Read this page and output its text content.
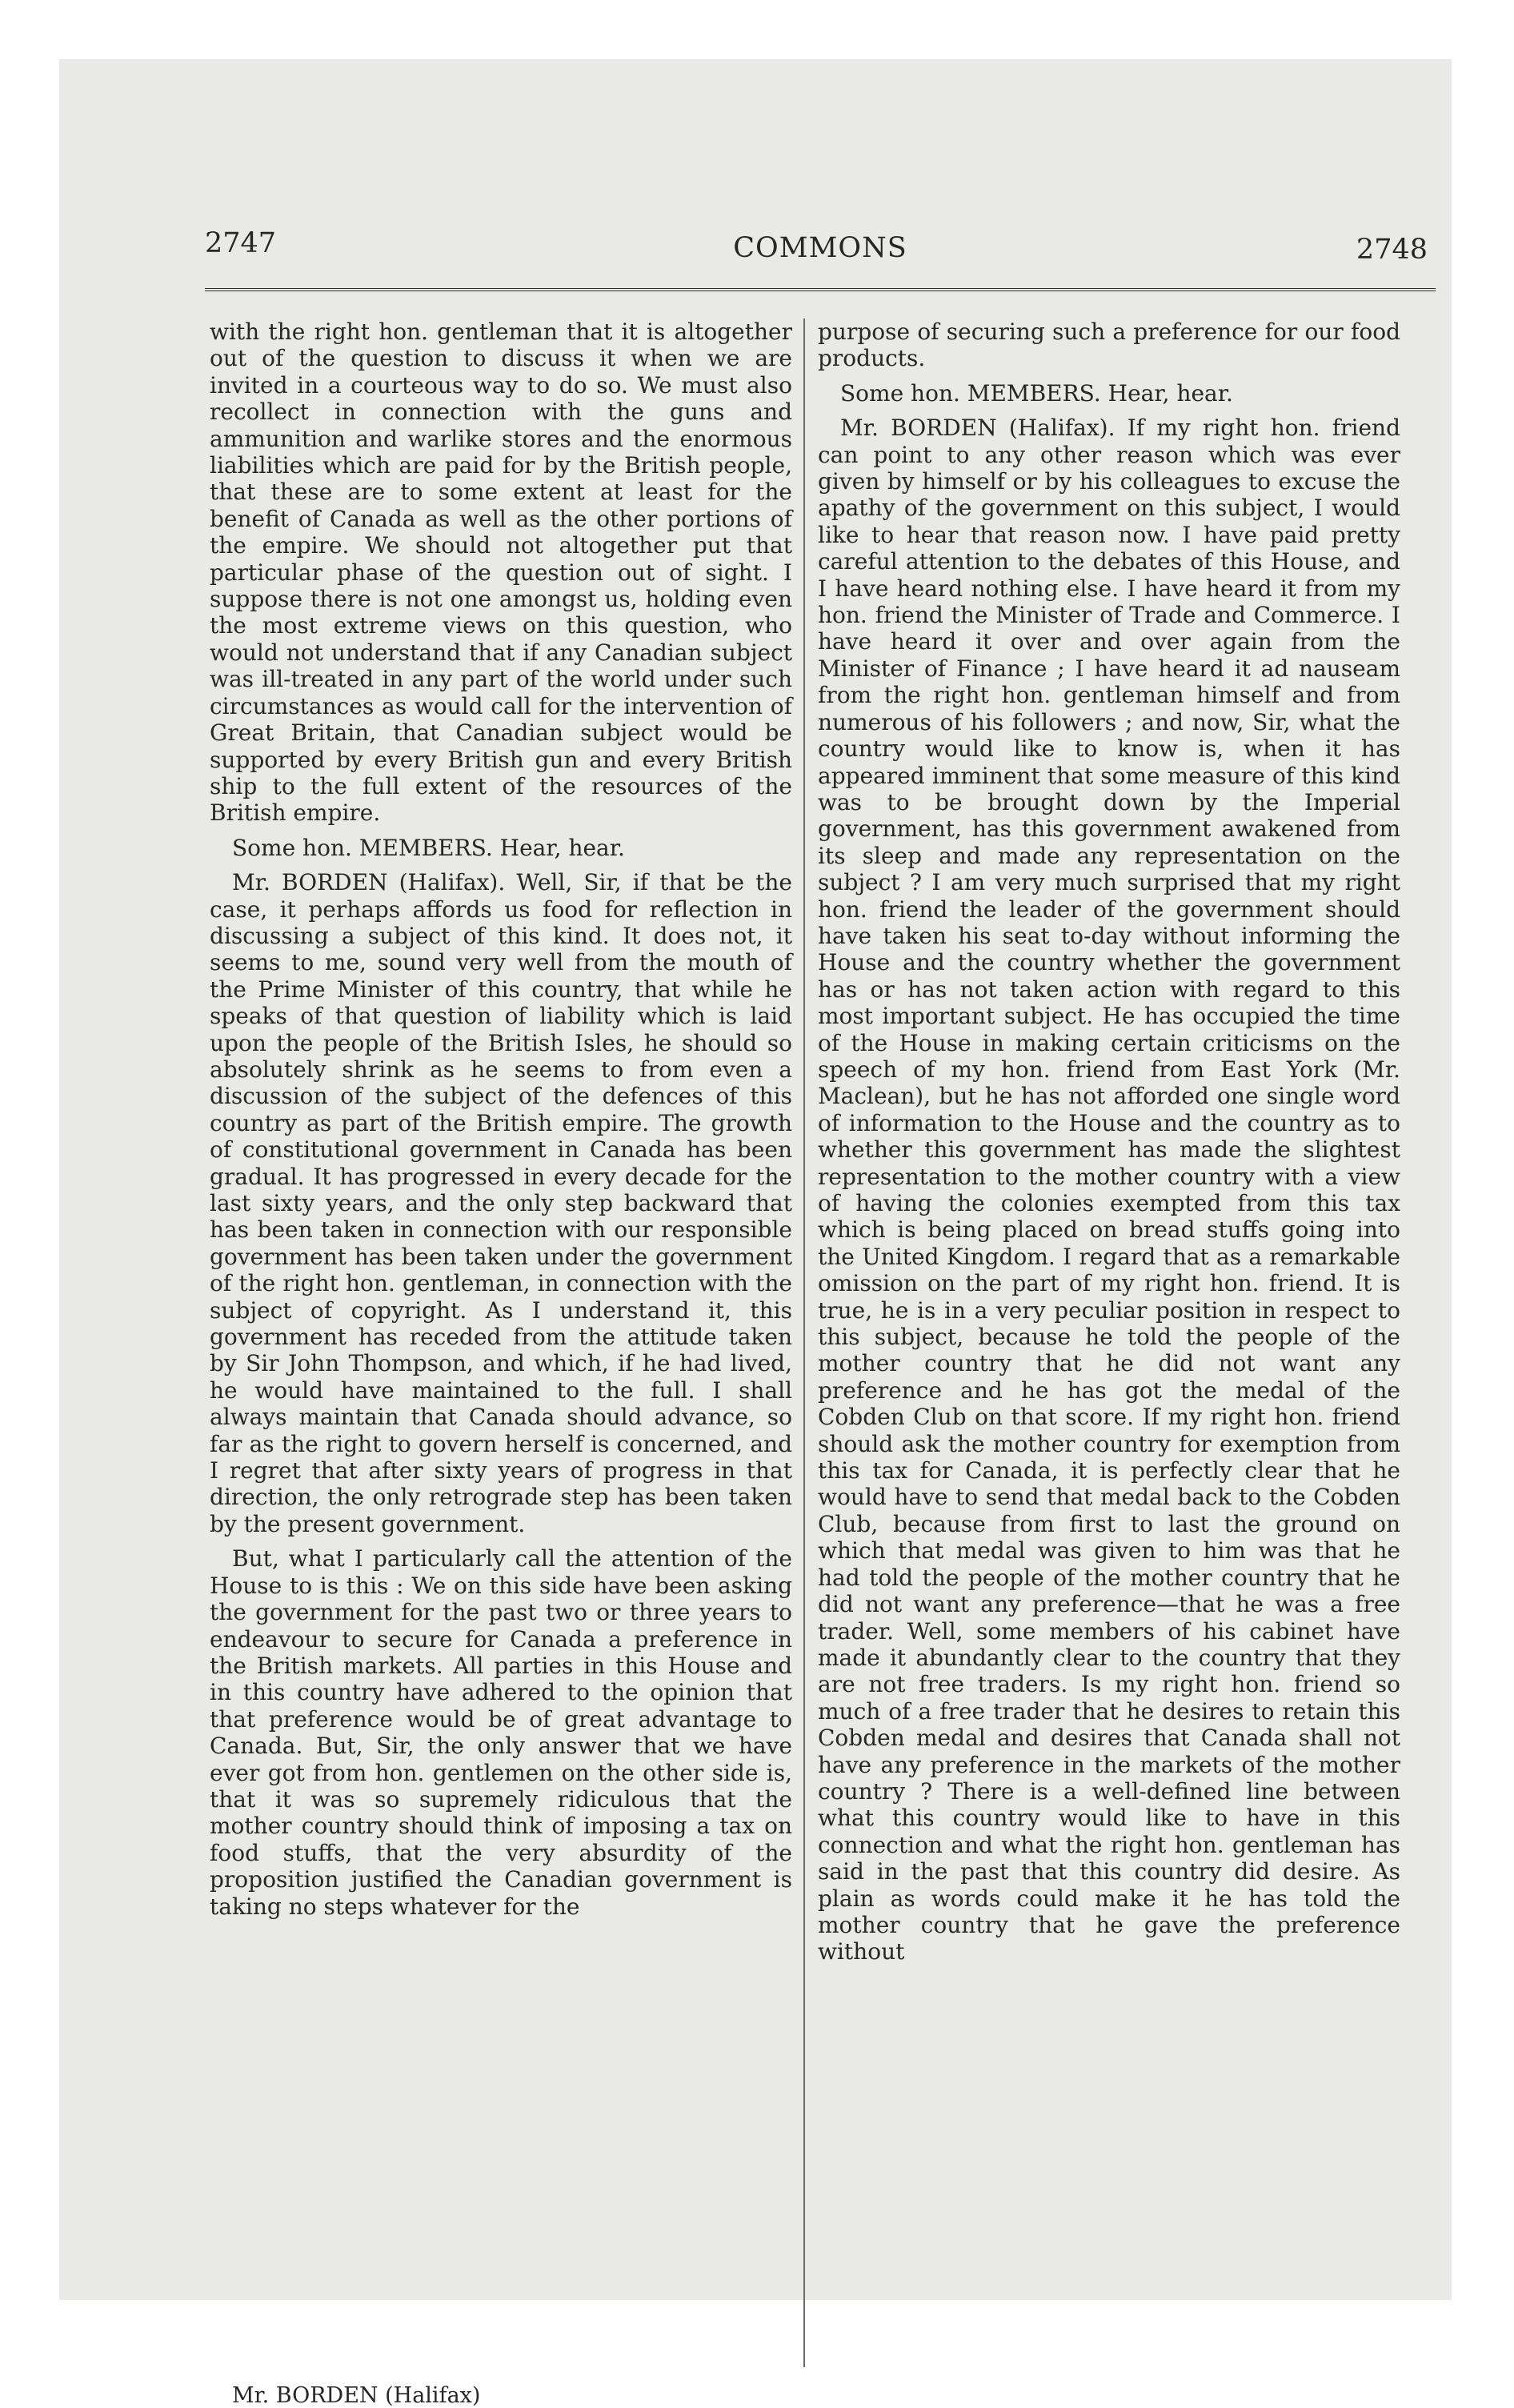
2747	COMMONS	2748

with the right hon. gentleman that it is altogether out of the question to discuss it when we are invited in a courteous way to do so. We must also recollect in connection with the guns and ammunition and warlike stores and the enormous liabilities which are paid for by the British people, that these are to some extent at least for the benefit of Canada as well as the other portions of the empire. We should not altogether put that particular phase of the question out of sight. I suppose there is not one amongst us, holding even the most extreme views on this question, who would not understand that if any Canadian subject was ill-treated in any part of the world under such circumstances as would call for the intervention of Great Britain, that Canadian subject would be supported by every British gun and every British ship to the full extent of the resources of the British empire.

Some hon. MEMBERS. Hear, hear.

Mr. BORDEN (Halifax). Well, Sir, if that be the case, it perhaps affords us food for reflection in discussing a subject of this kind. It does not, it seems to me, sound very well from the mouth of the Prime Minister of this country, that while he speaks of that question of liability which is laid upon the people of the British Isles, he should so absolutely shrink as he seems to from even a discussion of the subject of the defences of this country as part of the British empire. The growth of constitutional government in Canada has been gradual. It has progressed in every decade for the last sixty years, and the only step backward that has been taken in connection with our responsible government has been taken under the government of the right hon. gentleman, in connection with the subject of copyright. As I understand it, this government has receded from the attitude taken by Sir John Thompson, and which, if he had lived, he would have maintained to the full. I shall always maintain that Canada should advance, so far as the right to govern herself is concerned, and I regret that after sixty years of progress in that direction, the only retrograde step has been taken by the present government.

But, what I particularly call the attention of the House to is this : We on this side have been asking the government for the past two or three years to endeavour to secure for Canada a preference in the British markets. All parties in this House and in this country have adhered to the opinion that that preference would be of great advantage to Canada. But, Sir, the only answer that we have ever got from hon. gentlemen on the other side is, that it was so supremely ridiculous that the mother country should think of imposing a tax on food stuffs, that the very absurdity of the proposition justified the Canadian government is taking no steps whatever for the

purpose of securing such a preference for our food products.

Some hon. MEMBERS. Hear, hear.

Mr. BORDEN (Halifax). If my right hon. friend can point to any other reason which was ever given by himself or by his colleagues to excuse the apathy of the government on this subject, I would like to hear that reason now. I have paid pretty careful attention to the debates of this House, and I have heard nothing else. I have heard it from my hon. friend the Minister of Trade and Commerce. I have heard it over and over again from the Minister of Finance ; I have heard it ad nauseam from the right hon. gentleman himself and from numerous of his followers ; and now, Sir, what the country would like to know is, when it has appeared imminent that some measure of this kind was to be brought down by the Imperial government, has this government awakened from its sleep and made any representation on the subject ? I am very much surprised that my right hon. friend the leader of the government should have taken his seat to-day without informing the House and the country whether the government has or has not taken action with regard to this most important subject. He has occupied the time of the House in making certain criticisms on the speech of my hon. friend from East York (Mr. Maclean), but he has not afforded one single word of information to the House and the country as to whether this government has made the slightest representation to the mother country with a view of having the colonies exempted from this tax which is being placed on bread stuffs going into the United Kingdom. I regard that as a remarkable omission on the part of my right hon. friend. It is true, he is in a very peculiar position in respect to this subject, because he told the people of the mother country that he did not want any preference and he has got the medal of the Cobden Club on that score. If my right hon. friend should ask the mother country for exemption from this tax for Canada, it is perfectly clear that he would have to send that medal back to the Cobden Club, because from first to last the ground on which that medal was given to him was that he had told the people of the mother country that he did not want any preference—that he was a free trader. Well, some members of his cabinet have made it abundantly clear to the country that they are not free traders. Is my right hon. friend so much of a free trader that he desires to retain this Cobden medal and desires that Canada shall not have any preference in the markets of the mother country ? There is a well-defined line between what this country would like to have in this connection and what the right hon. gentleman has said in the past that this country did desire. As plain as words could make it he has told the mother country that he gave the preference without

Mr. BORDEN (Halifax)
